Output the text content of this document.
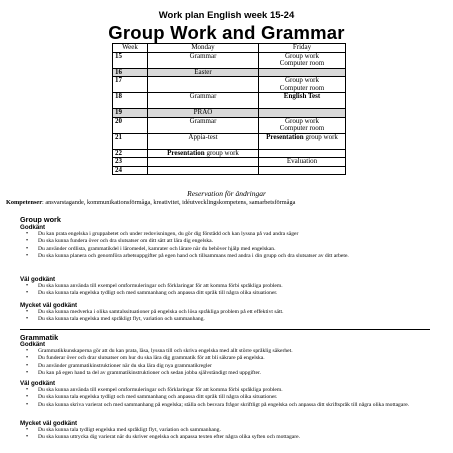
Work plan English week 15-24
Group Work and Grammar
Week	Monday	Friday
15	Grammar	Group work
Computer room
16	Easter	
17		Group work
Computer room
18	Grammar	English Test
19	PRAO	
20	Grammar	Group work
Computer room
21	Appia-test	Presentation group work
22	Presentation group work	
23		Evaluation
24		
Reservation för ändringar
Kompetenser: ansvarstagande, kommunikationsförmåga, kreativitet, idéutvecklingskompetens, samarbetsförmåga
Group work
Godkänt
• Du kan prata engelska i gruppabetet och under redovisningen, du gör dig förstådd och kan lyssna på vad andra säger
• Du ska kunna fundera över och dra slutsatser om ditt sätt att lära dig engelska.
• Du använder ordlista, grammatikdel i läromedel, kamrater och lärare när du behöver hjälp med engelskan.
• Du ska kunna planera och genomföra arbetsuppgifter på egen hand och tillsammans med andra i din grupp och dra slutsatser av ditt arbete.
Väl godkänt
• Du ska kunna använda till exempel omformuleringar och förklaringar för att komma förbi språkliga problem.
• Du ska kunna tala engelska tydligt och med sammanhang och anpassa ditt språk till några olika situationer.
Mycket väl godkänt
• Du ska kunna medverka i olika samtalssituationer på engelska och lösa språkliga problem på ett effektivt sätt.
• Du ska kunna tala engelska med språkligt flyt, variation och sammanhang.
Grammatik
Godkänt
• Grammatikkunskaperna gör att du kan prata, läsa, lyssna till och skriva engelska med allt större språklig säkerhet.
• Du funderar över och drar slutsatser om hur du ska lära dig grammatik för att bli säkrare på engelska.
• Du använder grammatikinstruktioner när du ska lära dig nya grammatikregler
• Du kan på egen hand ta del av grammatikinstruktioner och sedan jobba självständigt med uppgifter.
Väl godkänt
• Du ska kunna använda till exempel omformuleringar och förklaringar för att komma förbi språkliga problem.
• Du ska kunna tala engelska tydligt och med sammanhang och anpassa ditt språk till några olika situationer.
• Du ska kunna skriva varierat och med sammanhang på engelska; ställa och besvara frågor skriftligt på engelska och anpassa ditt skriftspråk till några olika mottagare.
Mycket väl godkänt
• Du ska kunna tala tydligt engelska med språkligt flyt, variation och sammanhang.
• Du ska kunna uttrycka dig varierat när du skriver engelska och anpassa texten efter några olika syften och mottagare.
